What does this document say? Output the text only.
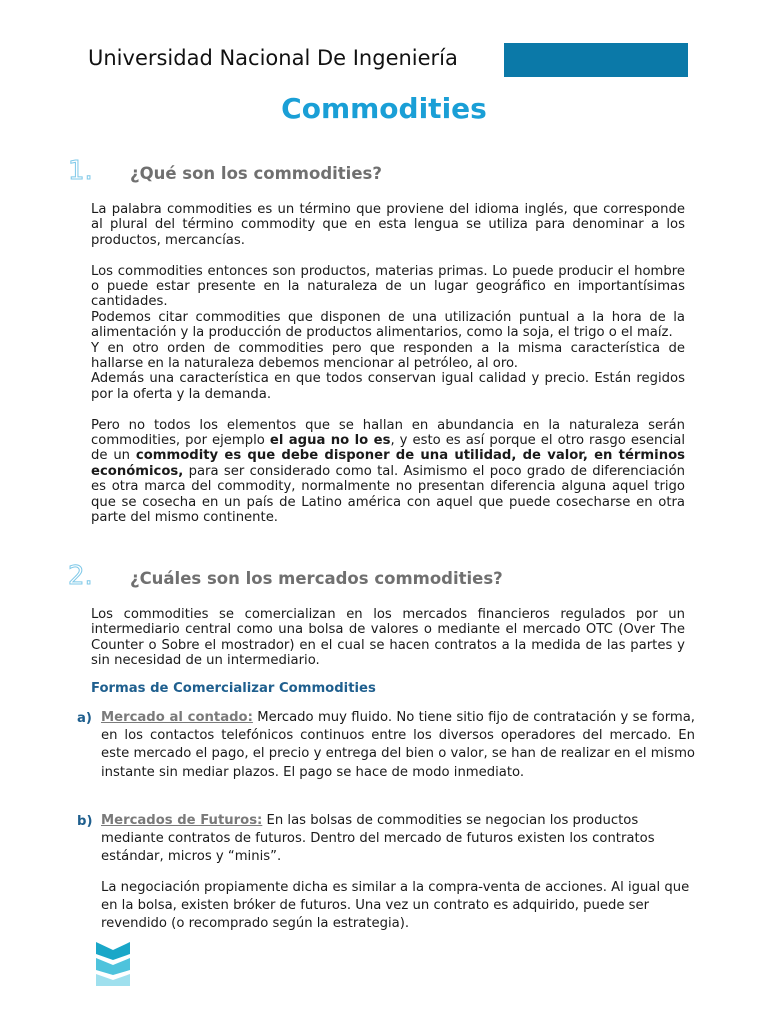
Universidad Nacional De Ingeniería
Commodities
1. ¿Qué son los commodities?

La palabra commodities es un término que proviene del idioma inglés, que corresponde al plural del término commodity que en esta lengua se utiliza para denominar a los productos, mercancías.

Los commodities entonces son productos, materias primas. Lo puede producir el hombre o puede estar presente en la naturaleza de un lugar geográfico en importantísimas cantidades.

Podemos citar commodities que disponen de una utilización puntual a la hora de la alimentación y la producción de productos alimentarios, como la soja, el trigo o el maíz.

Y en otro orden de commodities pero que responden a la misma característica de hallarse en la naturaleza debemos mencionar al petróleo, al oro.

Además una característica en que todos conservan igual calidad y precio. Están regidos por la oferta y la demanda.

Pero no todos los elementos que se hallan en abundancia en la naturaleza serán commodities, por ejemplo el agua no lo es, y esto es así porque el otro rasgo esencial de un commodity es que debe disponer de una utilidad, de valor, en términos económicos, para ser considerado como tal. Asimismo el poco grado de diferenciación es otra marca del commodity, normalmente no presentan diferencia alguna aquel trigo que se cosecha en un país de Latino américa con aquel que puede cosecharse en otra parte del mismo continente.

2. ¿Cuáles son los mercados commodities?

Los commodities se comercializan en los mercados financieros regulados por un intermediario central como una bolsa de valores o mediante el mercado OTC (Over The Counter o Sobre el mostrador) en el cual se hacen contratos a la medida de las partes y sin necesidad de un intermediario.

Formas de Comercializar Commodities
a) Mercado al contado: Mercado muy fluido. No tiene sitio fijo de contratación y se forma, en los contactos telefónicos continuos entre los diversos operadores del mercado. En este mercado el pago, el precio y entrega del bien o valor, se han de realizar en el mismo instante sin mediar plazos. El pago se hace de modo inmediato.

b) Mercados de Futuros: En las bolsas de commodities se negocian los productos mediante contratos de futuros. Dentro del mercado de futuros existen los contratos estándar, micros y “minis”.

La negociación propiamente dicha es similar a la compra-venta de acciones. Al igual que en la bolsa, existen bróker de futuros. Una vez un contrato es adquirido, puede ser revendido (o recomprado según la estrategia).
